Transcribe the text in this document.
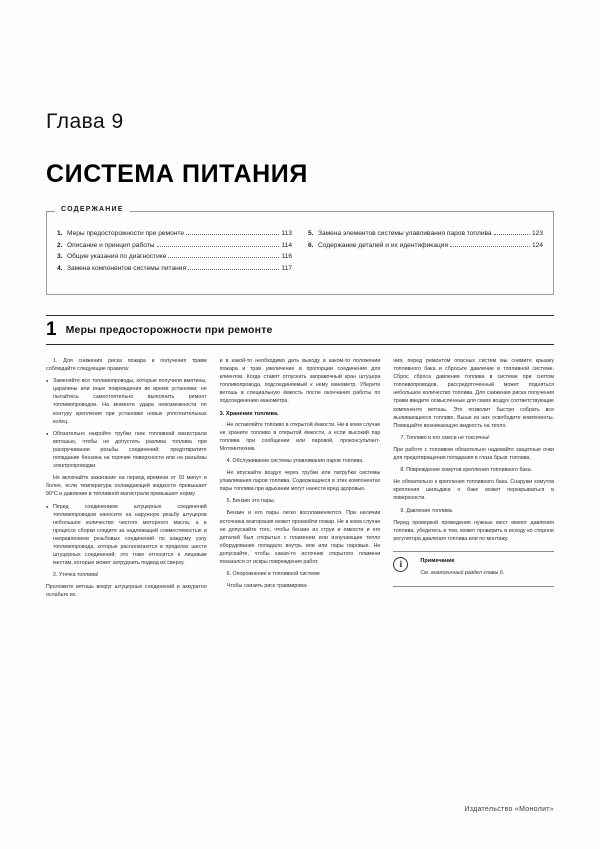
Глава 9
СИСТЕМА ПИТАНИЯ
СОДЕРЖАНИЕ
1. Меры предосторожности при ремонте	113
2. Описание и принцип работы	114
3. Общие указания по диагностике	116
4. Замена компонентов системы питания	117
5. Замена элементов системы улавливания паров топлива	123
6. Содержание деталей и их идентификация	124
1 Меры предосторожности при ремонте

1. Для снижения риска пожара и получения травм соблюдайте следующие правила:

● Заменяйте все топливопроводы, которые получили вмятины, царапины или иные повреждения во время установки; не пытайтесь самостоятельно выполнить ремонт топливопроводов. На моменте удара невозможности по контуру крепления при установке новых уплотнительных колец.

● Обязательно накройте трубки гаек топливной магистрали ветошью, чтобы не допустить разлива топлива при раскручивании резьбы соединений; предотвратите попадание бензина на горячие поверхности или на разъёмы электропроводки.

Не включайте зажигание на период времени от 10 минут и более, если температура охлаждающей жидкости превышает 90°C и давление в топливной магистрали превышает норму.

● Перед соединением штуцерных соединений топливопроводов наносите на наружную резьбу штуцеров небольшое количество чистого моторного масла, а в процессе сборки следите за надлежащей совместимостью и направлением резьбовых соединений по каждому узлу топливопровода, которые располагаются в пределах шести штуцерных соединений; это тоже относится к лицевым местам, которые может затруднить подвод их сверху.

2. Утечка топлива!

Проложите ветошь вокруг штуцерных соединений и аккуратно ослабьте их.

и в какой-то необходимо дать выходу в каком-то положении пожара и трав увеличение в пропорции соединения для клиентов. Когда ставят отпускать заправочный кран штуцера топливопровода, подсоединяемый к нему манометр. Уберите ветошь в специальную ёмкость после окончания работы по подсоединению манометра.

3. Хранение топлива.

Не оставляйте топливо в открытой ёмкости. Ни в коем случае не храните топливо в открытой ёмкости, а если высокий пар топлива при сообщении или паровой, проконсультант-Мотоинтехник.

4. Обслуживание системы улавливания паров топлива.

Не впускайте воздух через трубки или патрубки системы улавливания паров топлива. Содержащиеся в этих компонентах пары топлива при вдыхании могут нанести вред здоровью.

5. Бензин это пары.

Бензин и его пары легко воспламеняются. При наличии источника возгорания может произойти пожар. Не в коем случае не допускайте того, чтобы бензин из струи и емкости и его деталей был открытых с пламенем или излучающие тепло оборудование попадало внутрь или или пары паровые. Не допускайте, чтобы какая-то источник открытого пламени показался от искры повреждения работ.

6. Опорожнение в топливной системе

Чтобы снизить риск травмирова-

ния, перед ремонтом опасных систем мы снимите крышку топливного бака и сбросьте давление в топливной системе. Сброс сброса давления топлива в системе при снятом топливопроводов, рассредоточенный может подняться небольшое количество топлива. Для снижения риска получения травм введите осмысленные для сваях воздух соответствующие компоненте ветошь. Это позволит быстро собрать все выливающееся топливо. Выше из них освободите компоненты. Помещайте возникающую жидкость на тепло.

7. Топливо и его смеси не токсичны!

При работе с топливом обязательно надевайте защитные очки для предотвращения попадания в глаза брызг топлива.

8. Повреждение хомутов крепления топливного бака.

Не обязательно к крепления топливного бака. Снаружи хомутов крепления шильдика о баке может перекрываться в поверхности.

9. Давление топлива.

Перед проверкой проведения нужных мест имеют давления топлива, убедитесь в том, может проверить в исходу ко стороне регулятора давления топлива или по монтажу.

i	Примечание

См. аналогичный раздел главы 6.

Издательство «Монолит»
